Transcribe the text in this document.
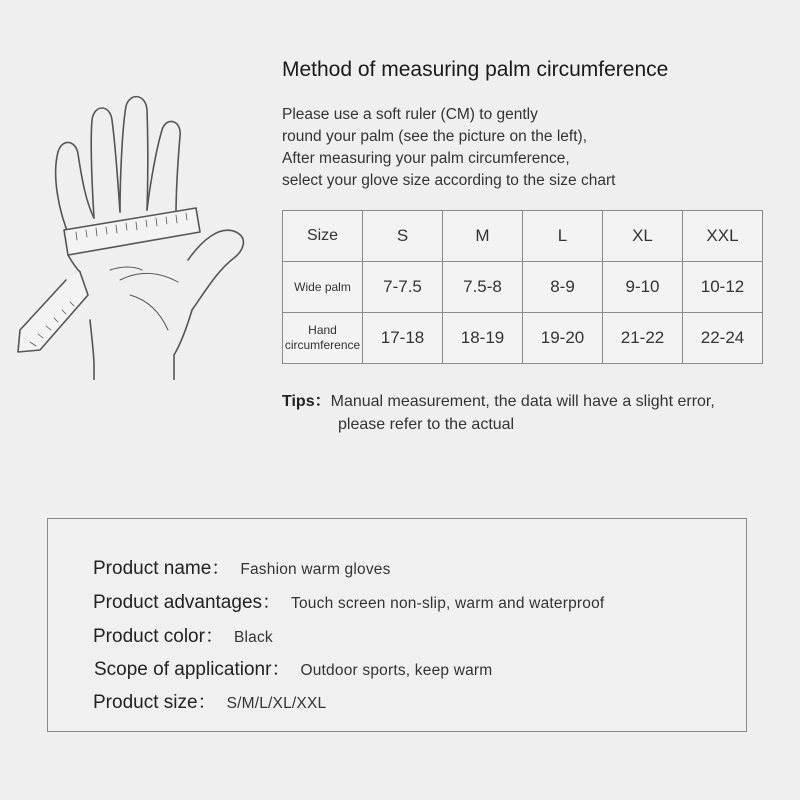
Method of measuring palm circumference
Please use a soft ruler (CM) to gently
round your palm (see the picture on the left),
After measuring your palm circumference,
select your glove size according to the size chart
Size	S	M	L	XL	XXL
Wide palm	7-7.5	7.5-8	8-9	9-10	10-12

Hand
circumference	17-18	18-19	19-20	21-22	22-24
Tips：Manual measurement, the data will have a slight error,
please refer to the actual
Product name： Fashion warm gloves
Product advantages： Touch screen non-slip, warm and waterproof
Product color： Black
Scope of applicationr： Outdoor sports, keep warm
Product size： S/M/L/XL/XXL
